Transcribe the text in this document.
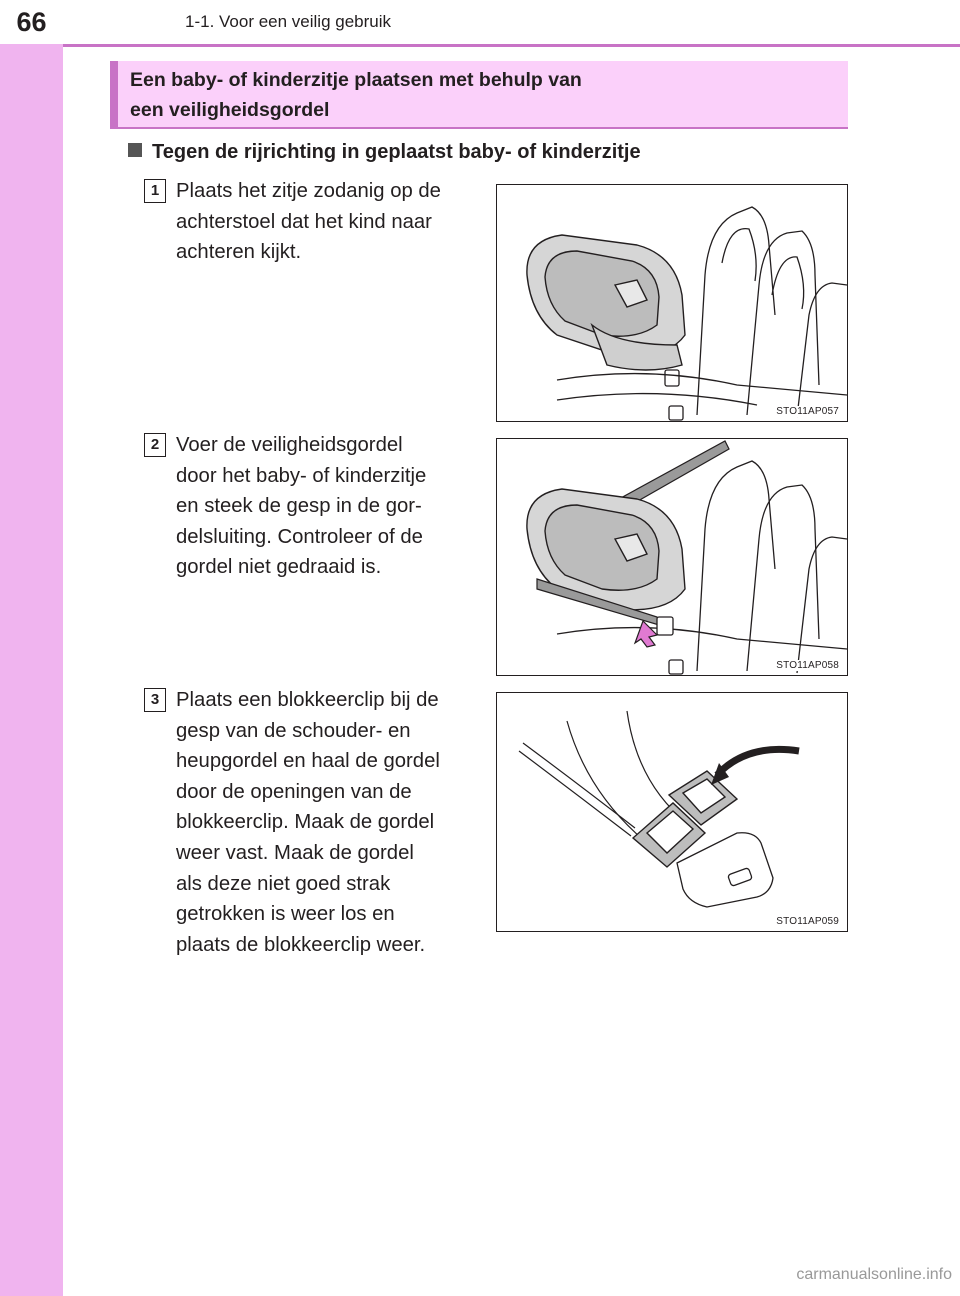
66	1-1. Voor een veilig gebruik
Een baby- of kinderzitje plaatsen met behulp van
een veiligheidsgordel
Tegen de rijrichting in geplaatst baby- of kinderzitje
1 Plaats het zitje zodanig op de
achterstoel dat het kind naar
achteren kijkt.
STO11AP057
2 Voer de veiligheidsgordel
door het baby- of kinderzitje
en steek de gesp in de gor-
delsluiting. Controleer of de
gordel niet gedraaid is.
STO11AP058
3 Plaats een blokkeerclip bij de
gesp van de schouder- en
heupgordel en haal de gordel
door de openingen van de
blokkeerclip. Maak de gordel
weer vast. Maak de gordel
als deze niet goed strak
getrokken is weer los en
plaats de blokkeerclip weer.
STO11AP059
carmanualsonline.info
